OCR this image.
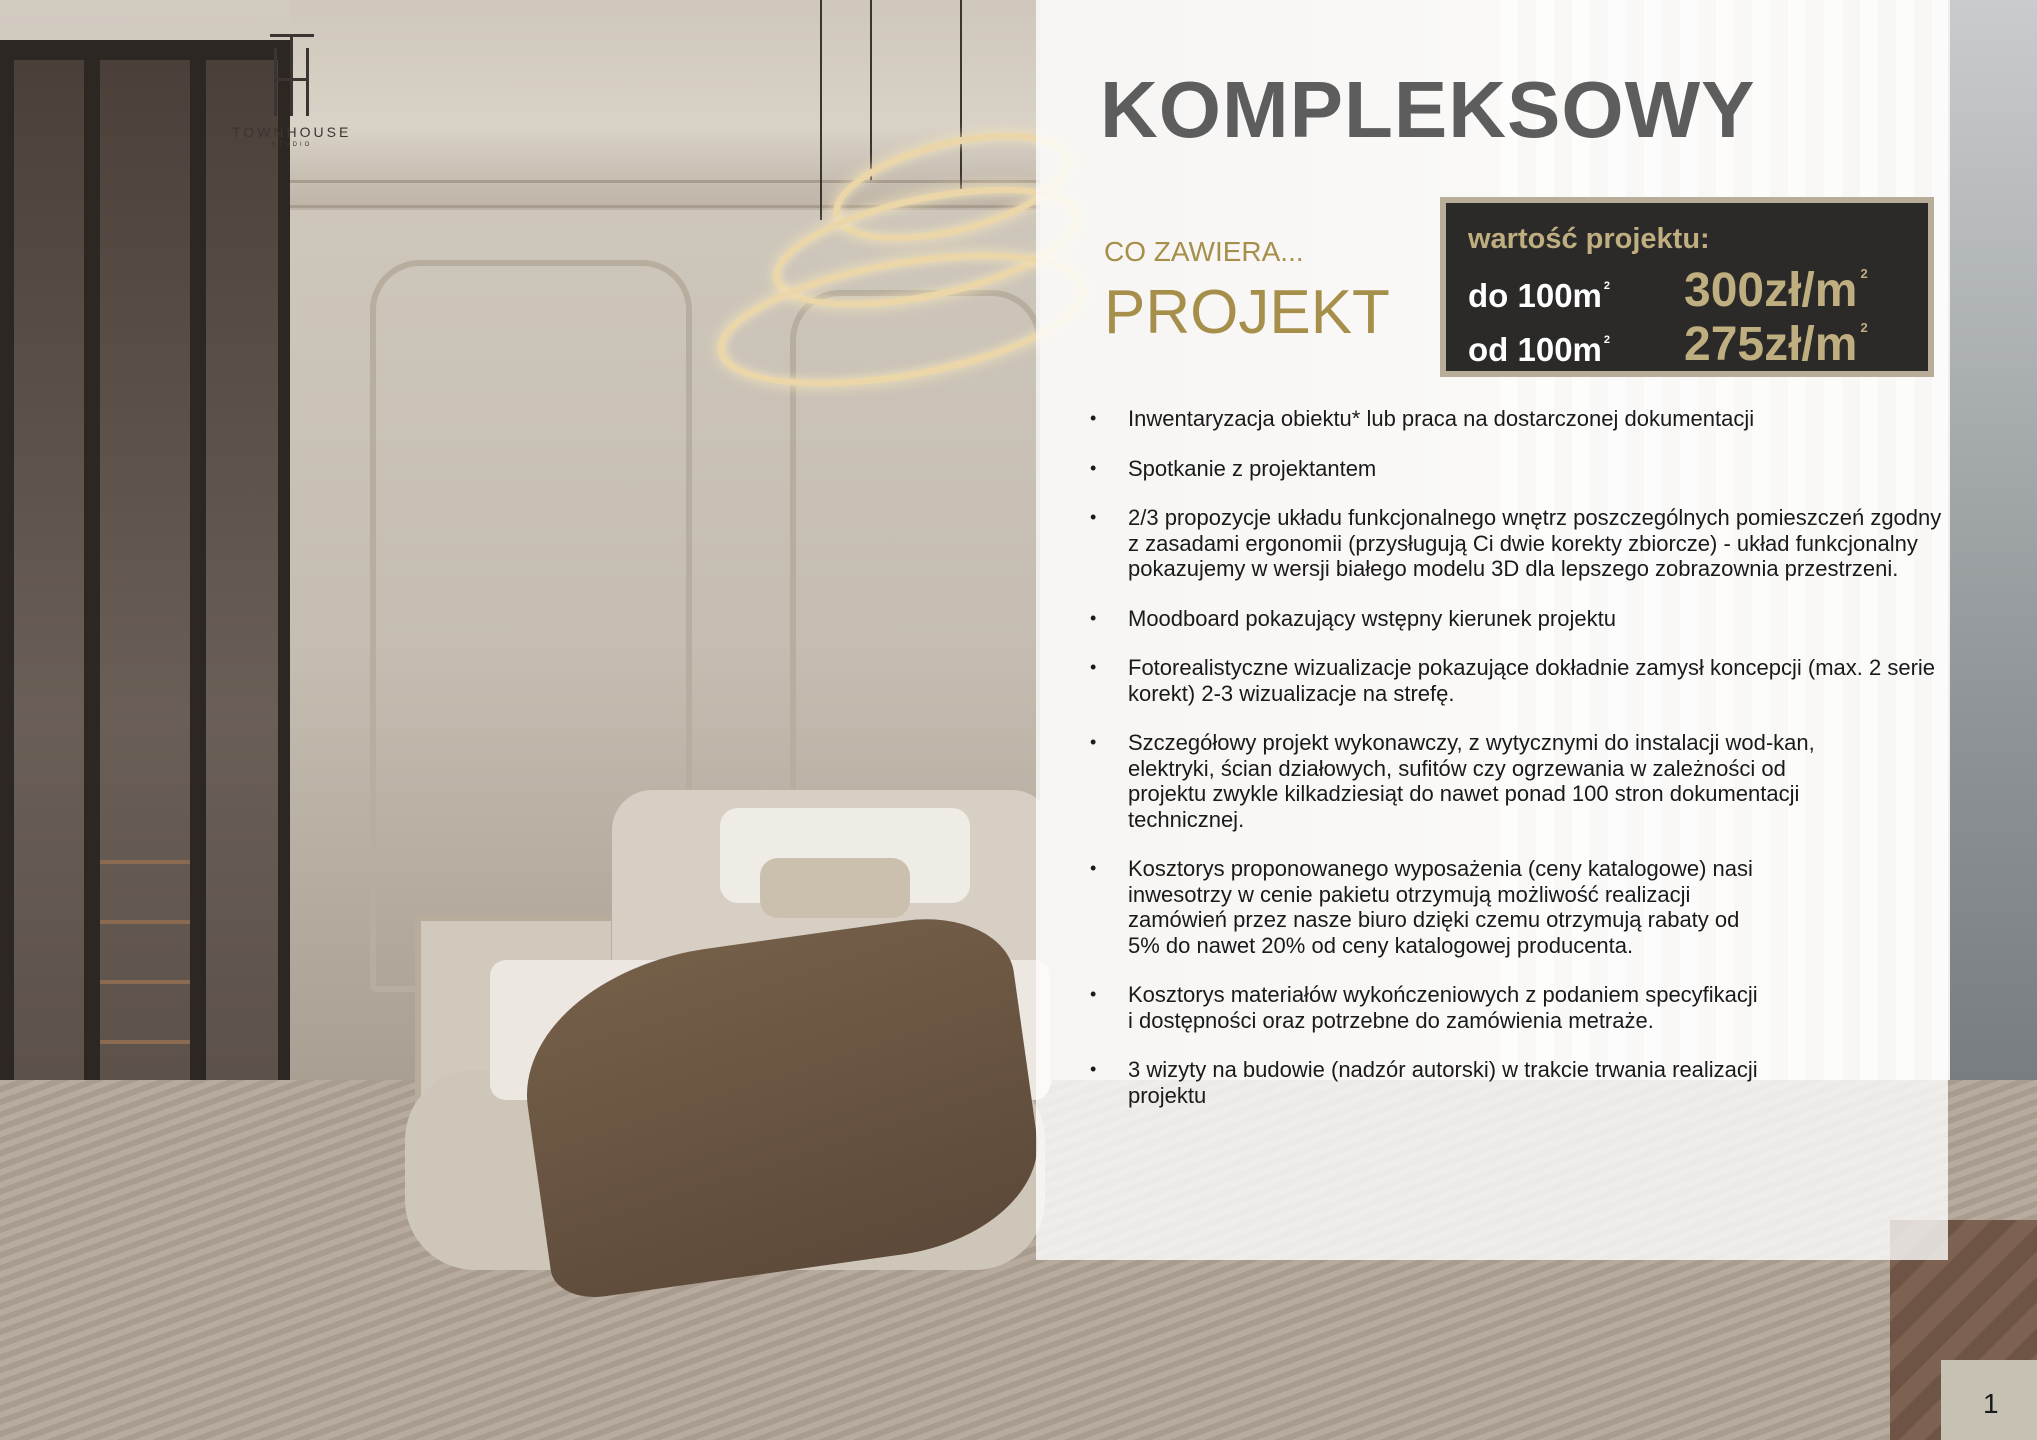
TOWNHOUSE
STUDIO	KOMPLEKSOWY
CO ZAWIERA...
PROJEKT
wartość projektu:
do 100m $^2$ 300zł/m $^2$
od 100m $^2$ 275zł/m $^2$
• Inwentaryzacja obiektu* lub praca na dostarczonej dokumentacji
• Spotkanie z projektantem
• 2/3 propozycje układu funkcjonalnego wnętrz poszczególnych pomieszczeń zgodny z zasadami ergonomii (przysługują Ci dwie korekty zbiorcze) - układ funkcjonalny pokazujemy w wersji białego modelu 3D dla lepszego zobrazownia przestrzeni.
• Moodboard pokazujący wstępny kierunek projektu
• Fotorealistyczne wizualizacje pokazujące dokładnie zamysł koncepcji (max. 2 serie korekt) 2-3 wizualizacje na strefę.
• Szczegółowy projekt wykonawczy, z wytycznymi do instalacji wod-kan, elektryki, ścian działowych, sufitów czy ogrzewania w zależności od projektu zwykle kilkadziesiąt do nawet ponad 100 stron dokumentacji technicznej.
• Kosztorys proponowanego wyposażenia (ceny katalogowe) nasi inwesotrzy w cenie pakietu otrzymują możliwość realizacji zamówień przez nasze biuro dzięki czemu otrzymują rabaty od 5% do nawet 20% od ceny katalogowej producenta.
• Kosztorys materiałów wykończeniowych z podaniem specyfikacji i dostępności oraz potrzebne do zamówienia metraże.
• 3 wizyty na budowie (nadzór autorski) w trakcie trwania realizacji projektu
1
